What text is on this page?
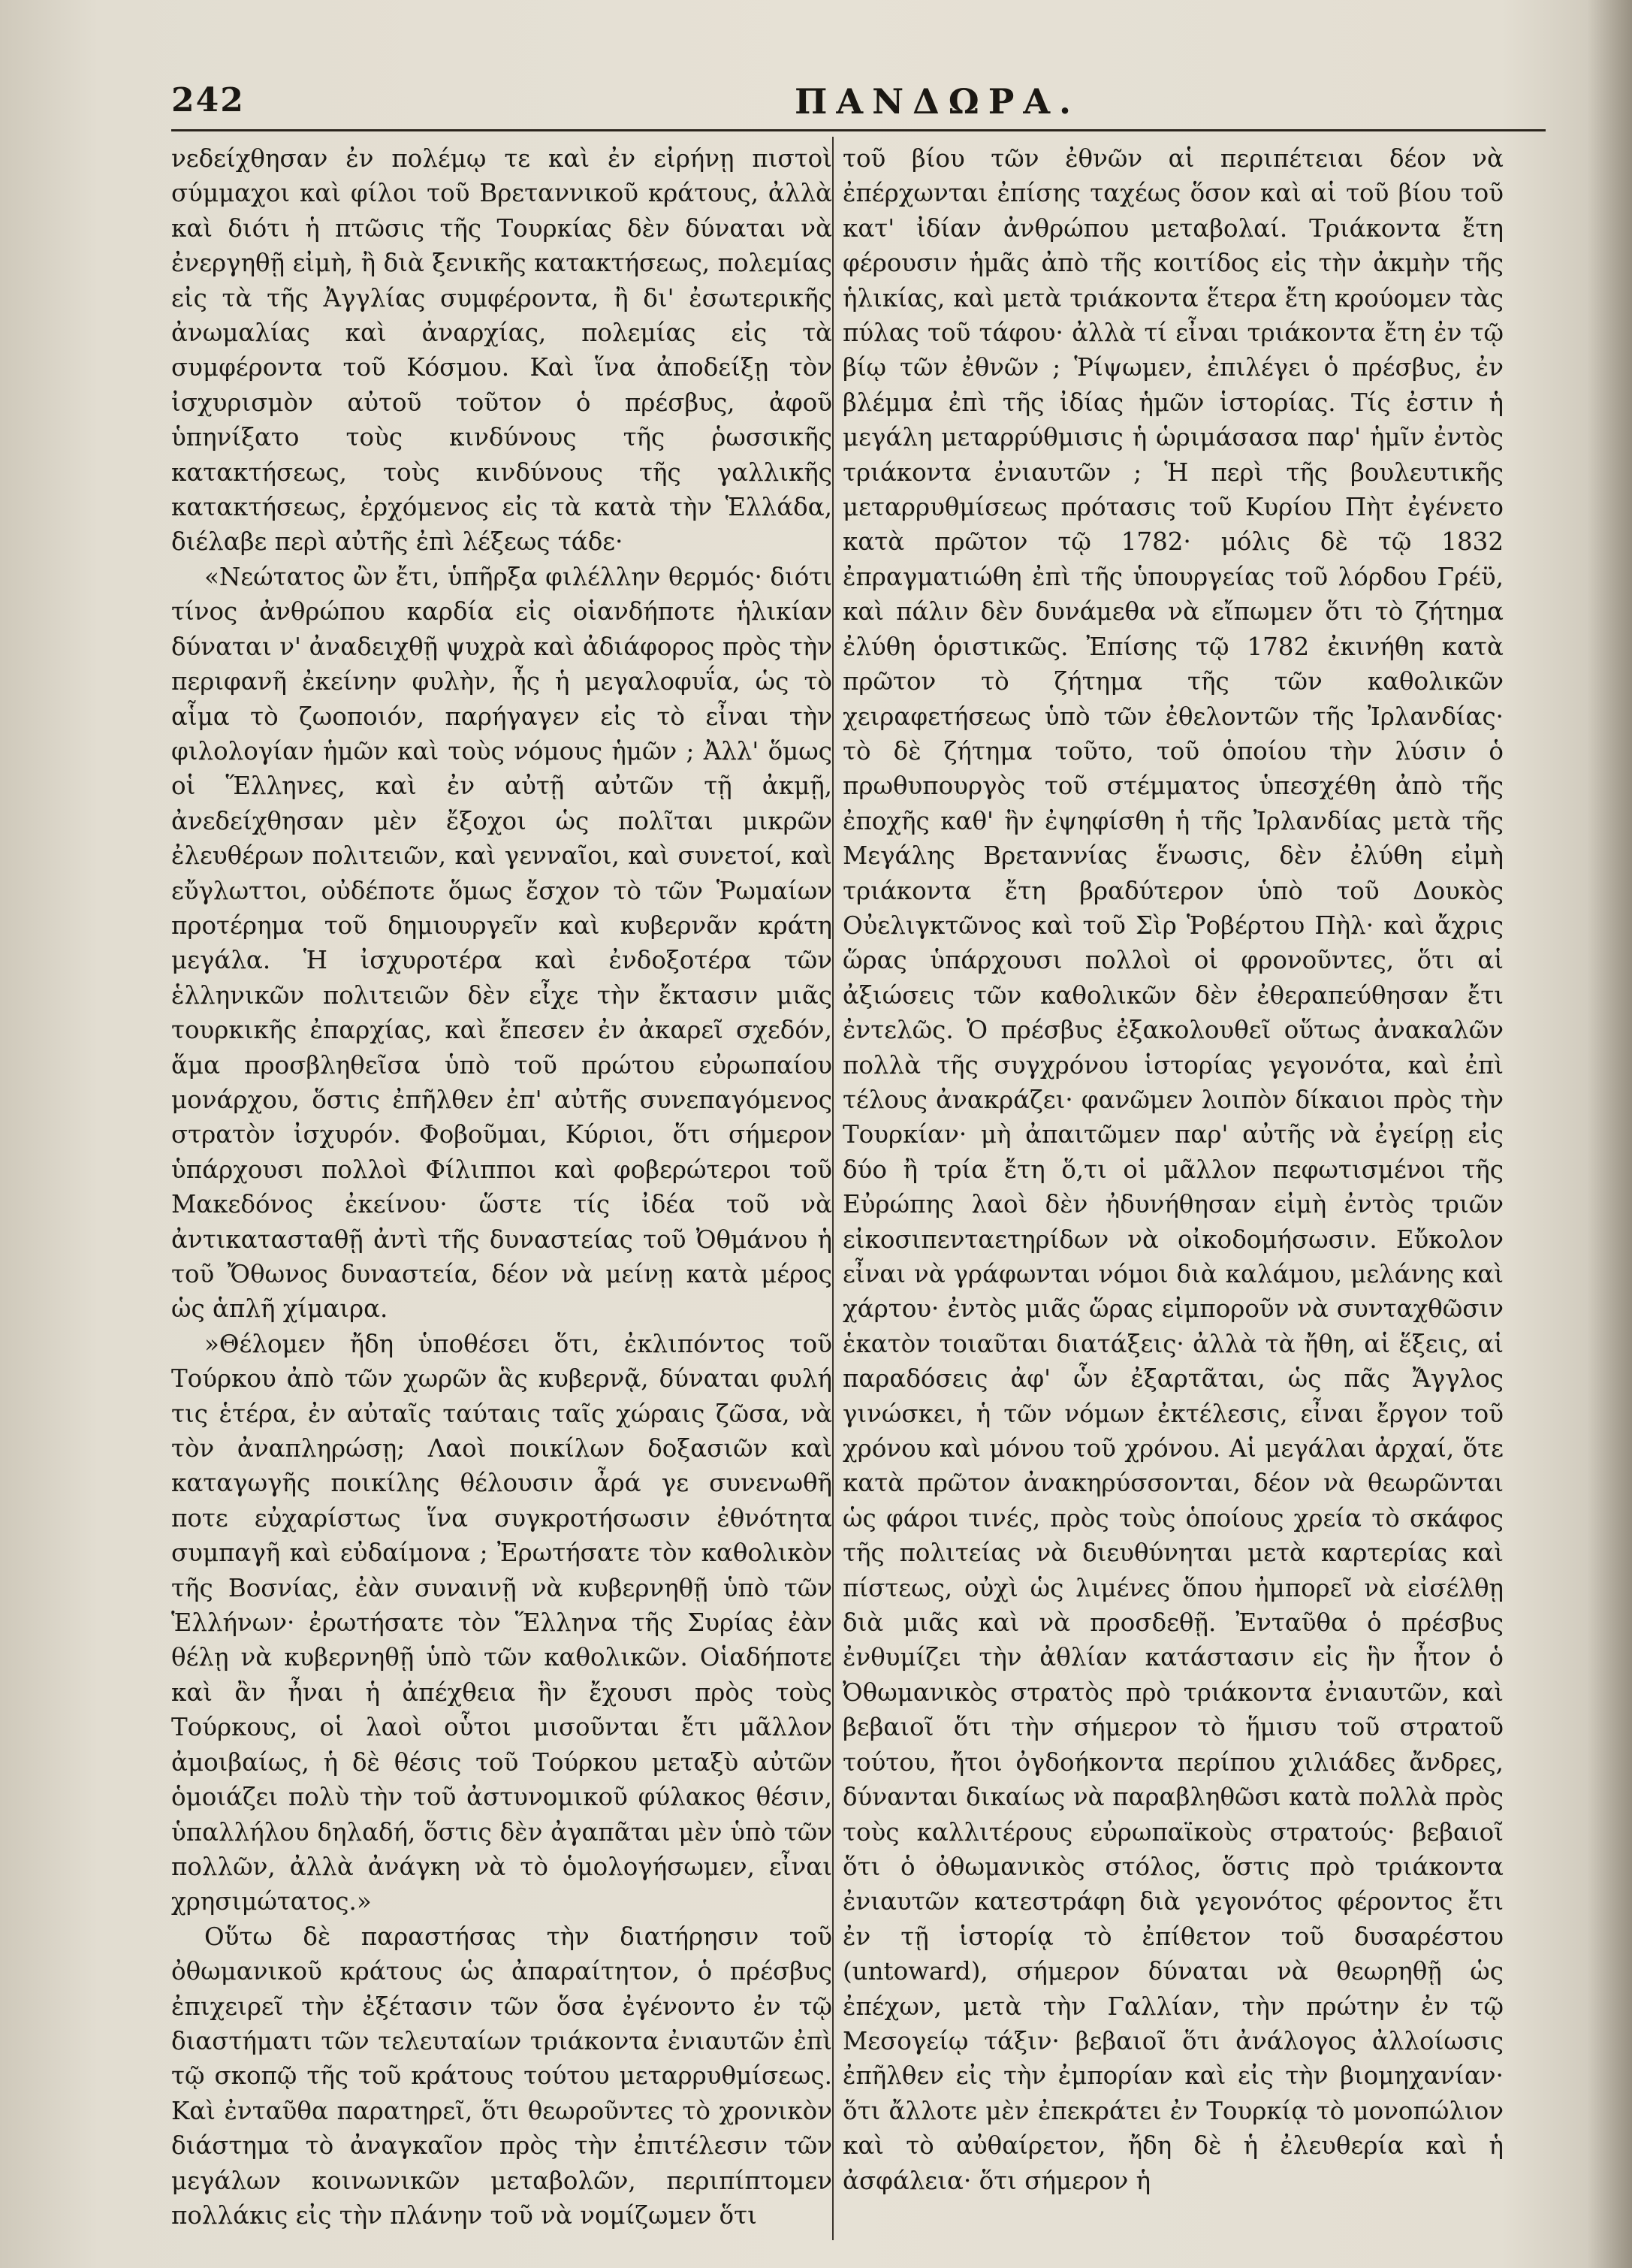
242	ΠΑΝΔΩΡΑ.

νεδείχθησαν ἐν πολέμῳ τε καὶ ἐν εἰρήνῃ πιστοὶ σύμμαχοι καὶ φίλοι τοῦ Βρεταννικοῦ κράτους, ἀλλὰ καὶ διότι ἡ πτῶσις τῆς Τουρκίας δὲν δύναται νὰ ἐνεργηθῇ εἰμὴ, ἢ διὰ ξενικῆς κατακτήσεως, πολεμίας εἰς τὰ τῆς Ἀγγλίας συμφέροντα, ἢ δι' ἐσωτερικῆς ἀνωμαλίας καὶ ἀναρχίας, πολεμίας εἰς τὰ συμφέροντα τοῦ Κόσμου. Καὶ ἵνα ἀποδείξῃ τὸν ἰσχυρισμὸν αὐτοῦ τοῦτον ὁ πρέσβυς, ἀφοῦ ὑπηνίξατο τοὺς κινδύνους τῆς ῥωσσικῆς κατακτήσεως, τοὺς κινδύνους τῆς γαλλικῆς κατακτήσεως, ἐρχόμενος εἰς τὰ κατὰ τὴν Ἑλλάδα, διέλαβε περὶ αὐτῆς ἐπὶ λέξεως τάδε·

«Νεώτατος ὢν ἔτι, ὑπῆρξα φιλέλλην θερμός· διότι τίνος ἀνθρώπου καρδία εἰς οἱανδήποτε ἡλικίαν δύναται ν' ἀναδειχθῇ ψυχρὰ καὶ ἀδιάφορος πρὸς τὴν περιφανῆ ἐκείνην φυλὴν, ἧς ἡ μεγαλοφυΐα, ὡς τὸ αἷμα τὸ ζωοποιόν, παρήγαγεν εἰς τὸ εἶναι τὴν φιλολογίαν ἡμῶν καὶ τοὺς νόμους ἡμῶν ; Ἀλλ' ὅμως οἱ Ἕλληνες, καὶ ἐν αὐτῇ αὐτῶν τῇ ἀκμῇ, ἀνεδείχθησαν μὲν ἔξοχοι ὡς πολῖται μικρῶν ἐλευθέρων πολιτειῶν, καὶ γενναῖοι, καὶ συνετοί, καὶ εὔγλωττοι, οὐδέποτε ὅμως ἔσχον τὸ τῶν Ῥωμαίων προτέρημα τοῦ δημιουργεῖν καὶ κυβερνᾶν κράτη μεγάλα. Ἡ ἰσχυροτέρα καὶ ἐνδοξοτέρα τῶν ἑλληνικῶν πολιτειῶν δὲν εἶχε τὴν ἔκτασιν μιᾶς τουρκικῆς ἐπαρχίας, καὶ ἔπεσεν ἐν ἀκαρεῖ σχεδόν, ἅμα προσβληθεῖσα ὑπὸ τοῦ πρώτου εὐρωπαίου μονάρχου, ὅστις ἐπῆλθεν ἐπ' αὐτῆς συνεπαγόμενος στρατὸν ἰσχυρόν. Φοβοῦμαι, Κύριοι, ὅτι σήμερον ὑπάρχουσι πολλοὶ Φίλιπποι καὶ φοβερώτεροι τοῦ Μακεδόνος ἐκείνου· ὥστε τίς ἰδέα τοῦ νὰ ἀντικατασταθῇ ἀντὶ τῆς δυναστείας τοῦ Ὀθμάνου ἡ τοῦ Ὄθωνος δυναστεία, δέον νὰ μείνῃ κατὰ μέρος ὡς ἁπλῆ χίμαιρα.

»Θέλομεν ἤδη ὑποθέσει ὅτι, ἐκλιπόντος τοῦ Τούρκου ἀπὸ τῶν χωρῶν ἃς κυβερνᾷ, δύναται φυλή τις ἑτέρα, ἐν αὐταῖς ταύταις ταῖς χώραις ζῶσα, νὰ τὸν ἀναπληρώσῃ; Λαοὶ ποικίλων δοξασιῶν καὶ καταγωγῆς ποικίλης θέλουσιν ἆρά γε συνενωθῆ ποτε εὐχαρίστως ἵνα συγκροτήσωσιν ἐθνότητα συμπαγῆ καὶ εὐδαίμονα ; Ἐρωτήσατε τὸν καθολικὸν τῆς Βοσνίας, ἐὰν συναινῇ νὰ κυβερνηθῇ ὑπὸ τῶν Ἑλλήνων· ἐρωτήσατε τὸν Ἕλληνα τῆς Συρίας ἐὰν θέλῃ νὰ κυβερνηθῇ ὑπὸ τῶν καθολικῶν. Οἱαδήποτε καὶ ἂν ἦναι ἡ ἀπέχθεια ἣν ἔχουσι πρὸς τοὺς Τούρκους, οἱ λαοὶ οὗτοι μισοῦνται ἔτι μᾶλλον ἀμοιβαίως, ἡ δὲ θέσις τοῦ Τούρκου μεταξὺ αὐτῶν ὁμοιάζει πολὺ τὴν τοῦ ἀστυνομικοῦ φύλακος θέσιν, ὑπαλλήλου δηλαδή, ὅστις δὲν ἀγαπᾶται μὲν ὑπὸ τῶν πολλῶν, ἀλλὰ ἀνάγκη νὰ τὸ ὁμολογήσωμεν, εἶναι χρησιμώτατος.»

Οὕτω δὲ παραστήσας τὴν διατήρησιν τοῦ ὀθωμανικοῦ κράτους ὡς ἀπαραίτητον, ὁ πρέσβυς ἐπιχειρεῖ τὴν ἐξέτασιν τῶν ὅσα ἐγένοντο ἐν τῷ διαστήματι τῶν τελευταίων τριάκοντα ἐνιαυτῶν ἐπὶ τῷ σκοπῷ τῆς τοῦ κράτους τούτου μεταρρυθμίσεως. Καὶ ἐνταῦθα παρατηρεῖ, ὅτι θεωροῦντες τὸ χρονικὸν διάστημα τὸ ἀναγκαῖον πρὸς τὴν ἐπιτέλεσιν τῶν μεγάλων κοινωνικῶν μεταβολῶν, περιπίπτομεν πολλάκις εἰς τὴν πλάνην τοῦ νὰ νομίζωμεν ὅτι

τοῦ βίου τῶν ἐθνῶν αἱ περιπέτειαι δέον νὰ ἐπέρχωνται ἐπίσης ταχέως ὅσον καὶ αἱ τοῦ βίου τοῦ κατ' ἰδίαν ἀνθρώπου μεταβολαί. Τριάκοντα ἔτη φέρουσιν ἡμᾶς ἀπὸ τῆς κοιτίδος εἰς τὴν ἀκμὴν τῆς ἡλικίας, καὶ μετὰ τριάκοντα ἕτερα ἔτη κρούομεν τὰς πύλας τοῦ τάφου· ἀλλὰ τί εἶναι τριάκοντα ἔτη ἐν τῷ βίῳ τῶν ἐθνῶν ; Ῥίψωμεν, ἐπιλέγει ὁ πρέσβυς, ἐν βλέμμα ἐπὶ τῆς ἰδίας ἡμῶν ἱστορίας. Τίς ἐστιν ἡ μεγάλη μεταρρύθμισις ἡ ὡριμάσασα παρ' ἡμῖν ἐντὸς τριάκοντα ἐνιαυτῶν ; Ἡ περὶ τῆς βουλευτικῆς μεταρρυθμίσεως πρότασις τοῦ Κυρίου Πὴτ ἐγένετο κατὰ πρῶτον τῷ 1782· μόλις δὲ τῷ 1832 ἐπραγματιώθη ἐπὶ τῆς ὑπουργείας τοῦ λόρδου Γρέϋ, καὶ πάλιν δὲν δυνάμεθα νὰ εἴπωμεν ὅτι τὸ ζήτημα ἐλύθη ὁριστικῶς. Ἐπίσης τῷ 1782 ἐκινήθη κατὰ πρῶτον τὸ ζήτημα τῆς τῶν καθολικῶν χειραφετήσεως ὑπὸ τῶν ἐθελοντῶν τῆς Ἰρλανδίας· τὸ δὲ ζήτημα τοῦτο, τοῦ ὁποίου τὴν λύσιν ὁ πρωθυπουργὸς τοῦ στέμματος ὑπεσχέθη ἀπὸ τῆς ἐποχῆς καθ' ἣν ἐψηφίσθη ἡ τῆς Ἰρλανδίας μετὰ τῆς Μεγάλης Βρεταννίας ἕνωσις, δὲν ἐλύθη εἰμὴ τριάκοντα ἔτη βραδύτερον ὑπὸ τοῦ Δουκὸς Οὐελιγκτῶνος καὶ τοῦ Σὶρ Ῥοβέρτου Πὴλ· καὶ ἄχρις ὥρας ὑπάρχουσι πολλοὶ οἱ φρονοῦντες, ὅτι αἱ ἀξιώσεις τῶν καθολικῶν δὲν ἐθεραπεύθησαν ἔτι ἐντελῶς. Ὁ πρέσβυς ἐξακολουθεῖ οὕτως ἀνακαλῶν πολλὰ τῆς συγχρόνου ἱστορίας γεγονότα, καὶ ἐπὶ τέλους ἀνακράζει· φανῶμεν λοιπὸν δίκαιοι πρὸς τὴν Τουρκίαν· μὴ ἀπαιτῶμεν παρ' αὐτῆς νὰ ἐγείρῃ εἰς δύο ἢ τρία ἔτη ὅ,τι οἱ μᾶλλον πεφωτισμένοι τῆς Εὐρώπης λαοὶ δὲν ἠδυνήθησαν εἰμὴ ἐντὸς τριῶν εἰκοσιπενταετηρίδων νὰ οἰκοδομήσωσιν. Εὔκολον εἶναι νὰ γράφωνται νόμοι διὰ καλάμου, μελάνης καὶ χάρτου· ἐντὸς μιᾶς ὥρας εἰμποροῦν νὰ συνταχθῶσιν ἑκατὸν τοιαῦται διατάξεις· ἀλλὰ τὰ ἤθη, αἱ ἕξεις, αἱ παραδόσεις ἀφ' ὧν ἐξαρτᾶται, ὡς πᾶς Ἄγγλος γινώσκει, ἡ τῶν νόμων ἐκτέλεσις, εἶναι ἔργον τοῦ χρόνου καὶ μόνου τοῦ χρόνου. Αἱ μεγάλαι ἀρχαί, ὅτε κατὰ πρῶτον ἀνακηρύσσονται, δέον νὰ θεωρῶνται ὡς φάροι τινές, πρὸς τοὺς ὁποίους χρεία τὸ σκάφος τῆς πολιτείας νὰ διευθύνηται μετὰ καρτερίας καὶ πίστεως, οὐχὶ ὡς λιμένες ὅπου ἠμπορεῖ νὰ εἰσέλθῃ διὰ μιᾶς καὶ νὰ προσδεθῇ. Ἐνταῦθα ὁ πρέσβυς ἐνθυμίζει τὴν ἀθλίαν κατάστασιν εἰς ἣν ἦτον ὁ Ὀθωμανικὸς στρατὸς πρὸ τριάκοντα ἐνιαυτῶν, καὶ βεβαιοῖ ὅτι τὴν σήμερον τὸ ἥμισυ τοῦ στρατοῦ τούτου, ἤτοι ὀγδοήκοντα περίπου χιλιάδες ἄνδρες, δύνανται δικαίως νὰ παραβληθῶσι κατὰ πολλὰ πρὸς τοὺς καλλιτέρους εὐρωπαϊκοὺς στρατούς· βεβαιοῖ ὅτι ὁ ὀθωμανικὸς στόλος, ὅστις πρὸ τριάκοντα ἐνιαυτῶν κατεστράφη διὰ γεγονότος φέροντος ἔτι ἐν τῇ ἱστορίᾳ τὸ ἐπίθετον τοῦ δυσαρέστου (untoward), σήμερον δύναται νὰ θεωρηθῇ ὡς ἐπέχων, μετὰ τὴν Γαλλίαν, τὴν πρώτην ἐν τῷ Μεσογείῳ τάξιν· βεβαιοῖ ὅτι ἀνάλογος ἀλλοίωσις ἐπῆλθεν εἰς τὴν ἐμπορίαν καὶ εἰς τὴν βιομηχανίαν· ὅτι ἄλλοτε μὲν ἐπεκράτει ἐν Τουρκίᾳ τὸ μονοπώλιον καὶ τὸ αὐθαίρετον, ἤδη δὲ ἡ ἐλευθερία καὶ ἡ ἀσφάλεια· ὅτι σήμερον ἡ
